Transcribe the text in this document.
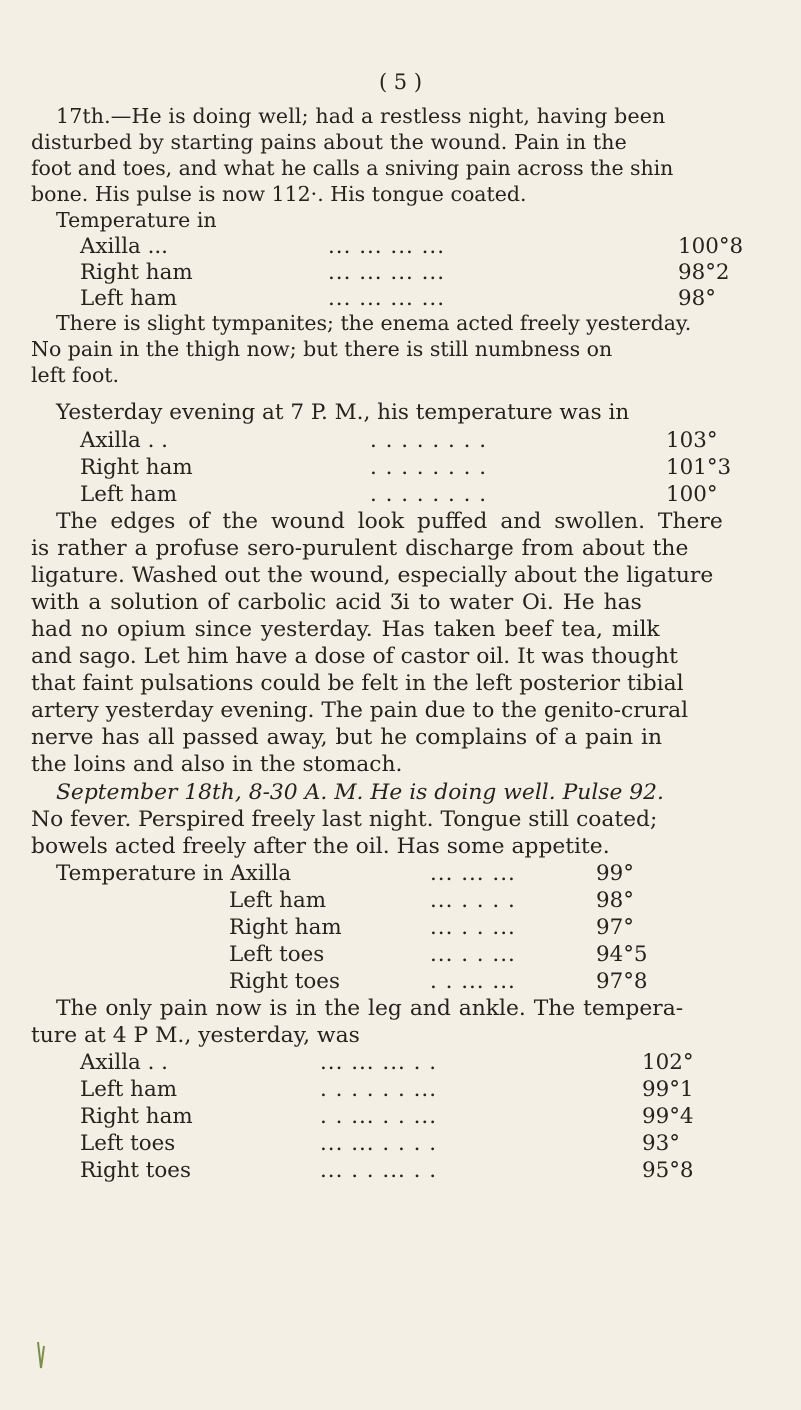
( 5 )
17th.—He is doing well; had a restless night, having been
disturbed by starting pains about the wound. Pain in the
foot and toes, and what he calls a sniving pain across the shin
bone. His pulse is now 112·. His tongue coated.
Temperature in
Axilla ...	... ... ... ...	100°8
Right ham	... ... ... ...	98°2
Left ham	... ... ... ...	98°
There is slight tympanites; the enema acted freely yesterday.
No pain in the thigh now; but there is still numbness on
left foot.
Yesterday evening at 7 P. M., his temperature was in
Axilla . .	. . . . . . . .	103°
Right ham	. . . . . . . .	101°3
Left ham	. . . . . . . .	100°
The edges of the wound look puffed and swollen. There
is rather a profuse sero-purulent discharge from about the
ligature. Washed out the wound, especially about the ligature
with a solution of carbolic acid Ʒi to water Oi. He has
had no opium since yesterday. Has taken beef tea, milk
and sago. Let him have a dose of castor oil. It was thought
that faint pulsations could be felt in the left posterior tibial
artery yesterday evening. The pain due to the genito-crural
nerve has all passed away, but he complains of a pain in
the loins and also in the stomach.
September 18th, 8-30 A. M. He is doing well. Pulse 92.
No fever. Perspired freely last night. Tongue still coated;
bowels acted freely after the oil. Has some appetite.
Temperature in Axilla	... ... ...	99°
Left ham	... . . . .	98°
Right ham	... . . ...	97°
Left toes	... . . ...	94°5
Right toes	. . ... ...	97°8
The only pain now is in the leg and ankle. The tempera-
ture at 4 P M., yesterday, was
Axilla . .	... ... ... . .	102°
Left ham	. . . . . . ...	99°1
Right ham	. . ... . . ...	99°4
Left toes	... ... . . . .	93°
Right toes	... . . ... . .	95°8
